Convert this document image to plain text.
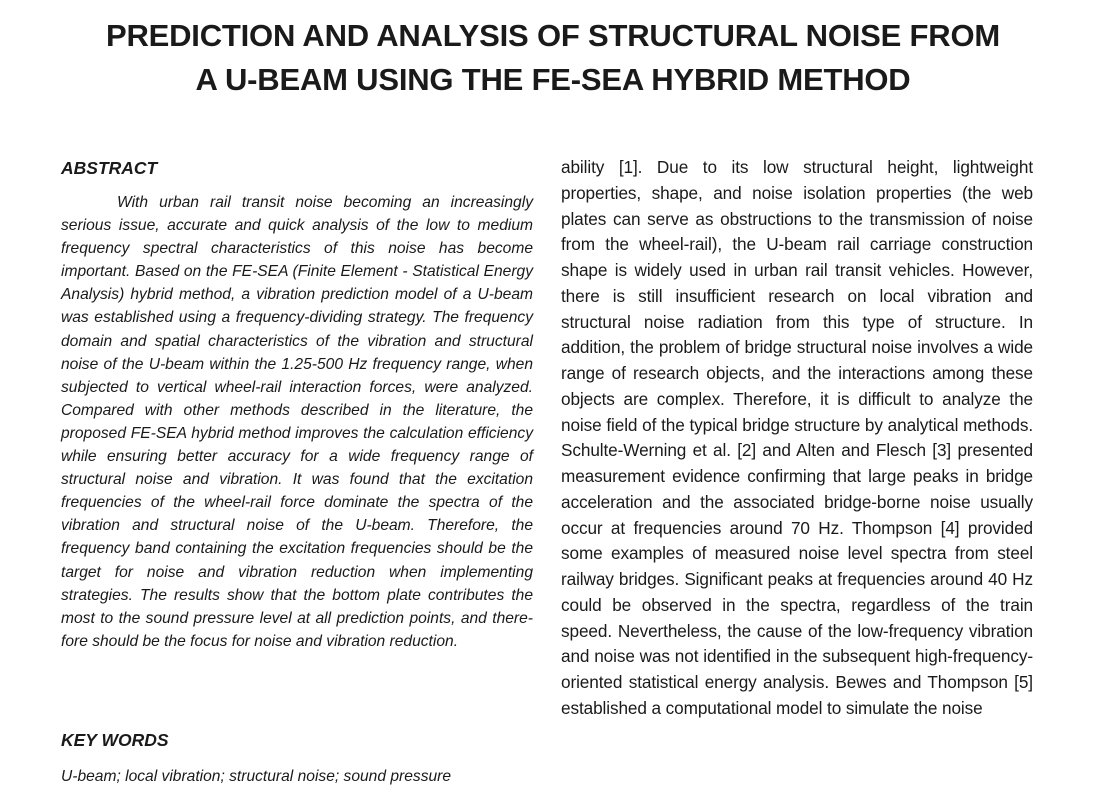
PREDICTION AND ANALYSIS OF STRUCTURAL NOISE FROM
A U-BEAM USING THE FE-SEA HYBRID METHOD
ABSTRACT

With urban rail transit noise becoming an increasingly serious issue, accurate and quick analysis of the low to medium frequency spectral characteristics of this noise has become important. Based on the FE-SEA (Finite Element - Statistical Energy Analysis) hybrid method, a vibration prediction model of a U-beam was established using a frequency-dividing strategy. The frequency domain and spatial characteristics of the vibration and structural noise of the U-beam within the 1.25-500 Hz frequency range, when subjected to vertical wheel-rail interaction forces, were analyzed. Compared with other methods described in the literature, the proposed FE-SEA hybrid method improves the calculation efficiency while ensuring better accuracy for a wide frequency range of structural noise and vibration. It was found that the excitation frequencies of the wheel-rail force dominate the spectra of the vibration and structural noise of the U-beam. Therefore, the frequency band containing the excitation frequencies should be the target for noise and vibration reduction when implementing strategies. The results show that the bottom plate contributes the most to the sound pressure level at all prediction points, and therefore should be the focus for noise and vibration reduction.

KEY WORDS

U-beam; local vibration; structural noise; sound pressure

ability [1]. Due to its low structural height, lightweight properties, shape, and noise isolation properties (the web plates can serve as obstructions to the transmission of noise from the wheel-rail), the U-beam rail carriage construction shape is widely used in urban rail transit vehicles. However, there is still insufficient research on local vibration and structural noise radiation from this type of structure. In addition, the problem of bridge structural noise involves a wide range of research objects, and the interactions among these objects are complex. Therefore, it is difficult to analyze the noise field of the typical bridge structure by analytical methods. Schulte-Werning et al. [2] and Alten and Flesch [3] presented measurement evidence confirming that large peaks in bridge acceleration and the associated bridge-borne noise usually occur at frequencies around 70 Hz. Thompson [4] provided some examples of measured noise level spectra from steel railway bridges. Significant peaks at frequencies around 40 Hz could be observed in the spectra, regardless of the train speed. Nevertheless, the cause of the low-frequency vibration and noise was not identified in the subsequent high-frequency-oriented statistical energy analysis. Bewes and Thompson [5] established a computational model to simulate the noise
